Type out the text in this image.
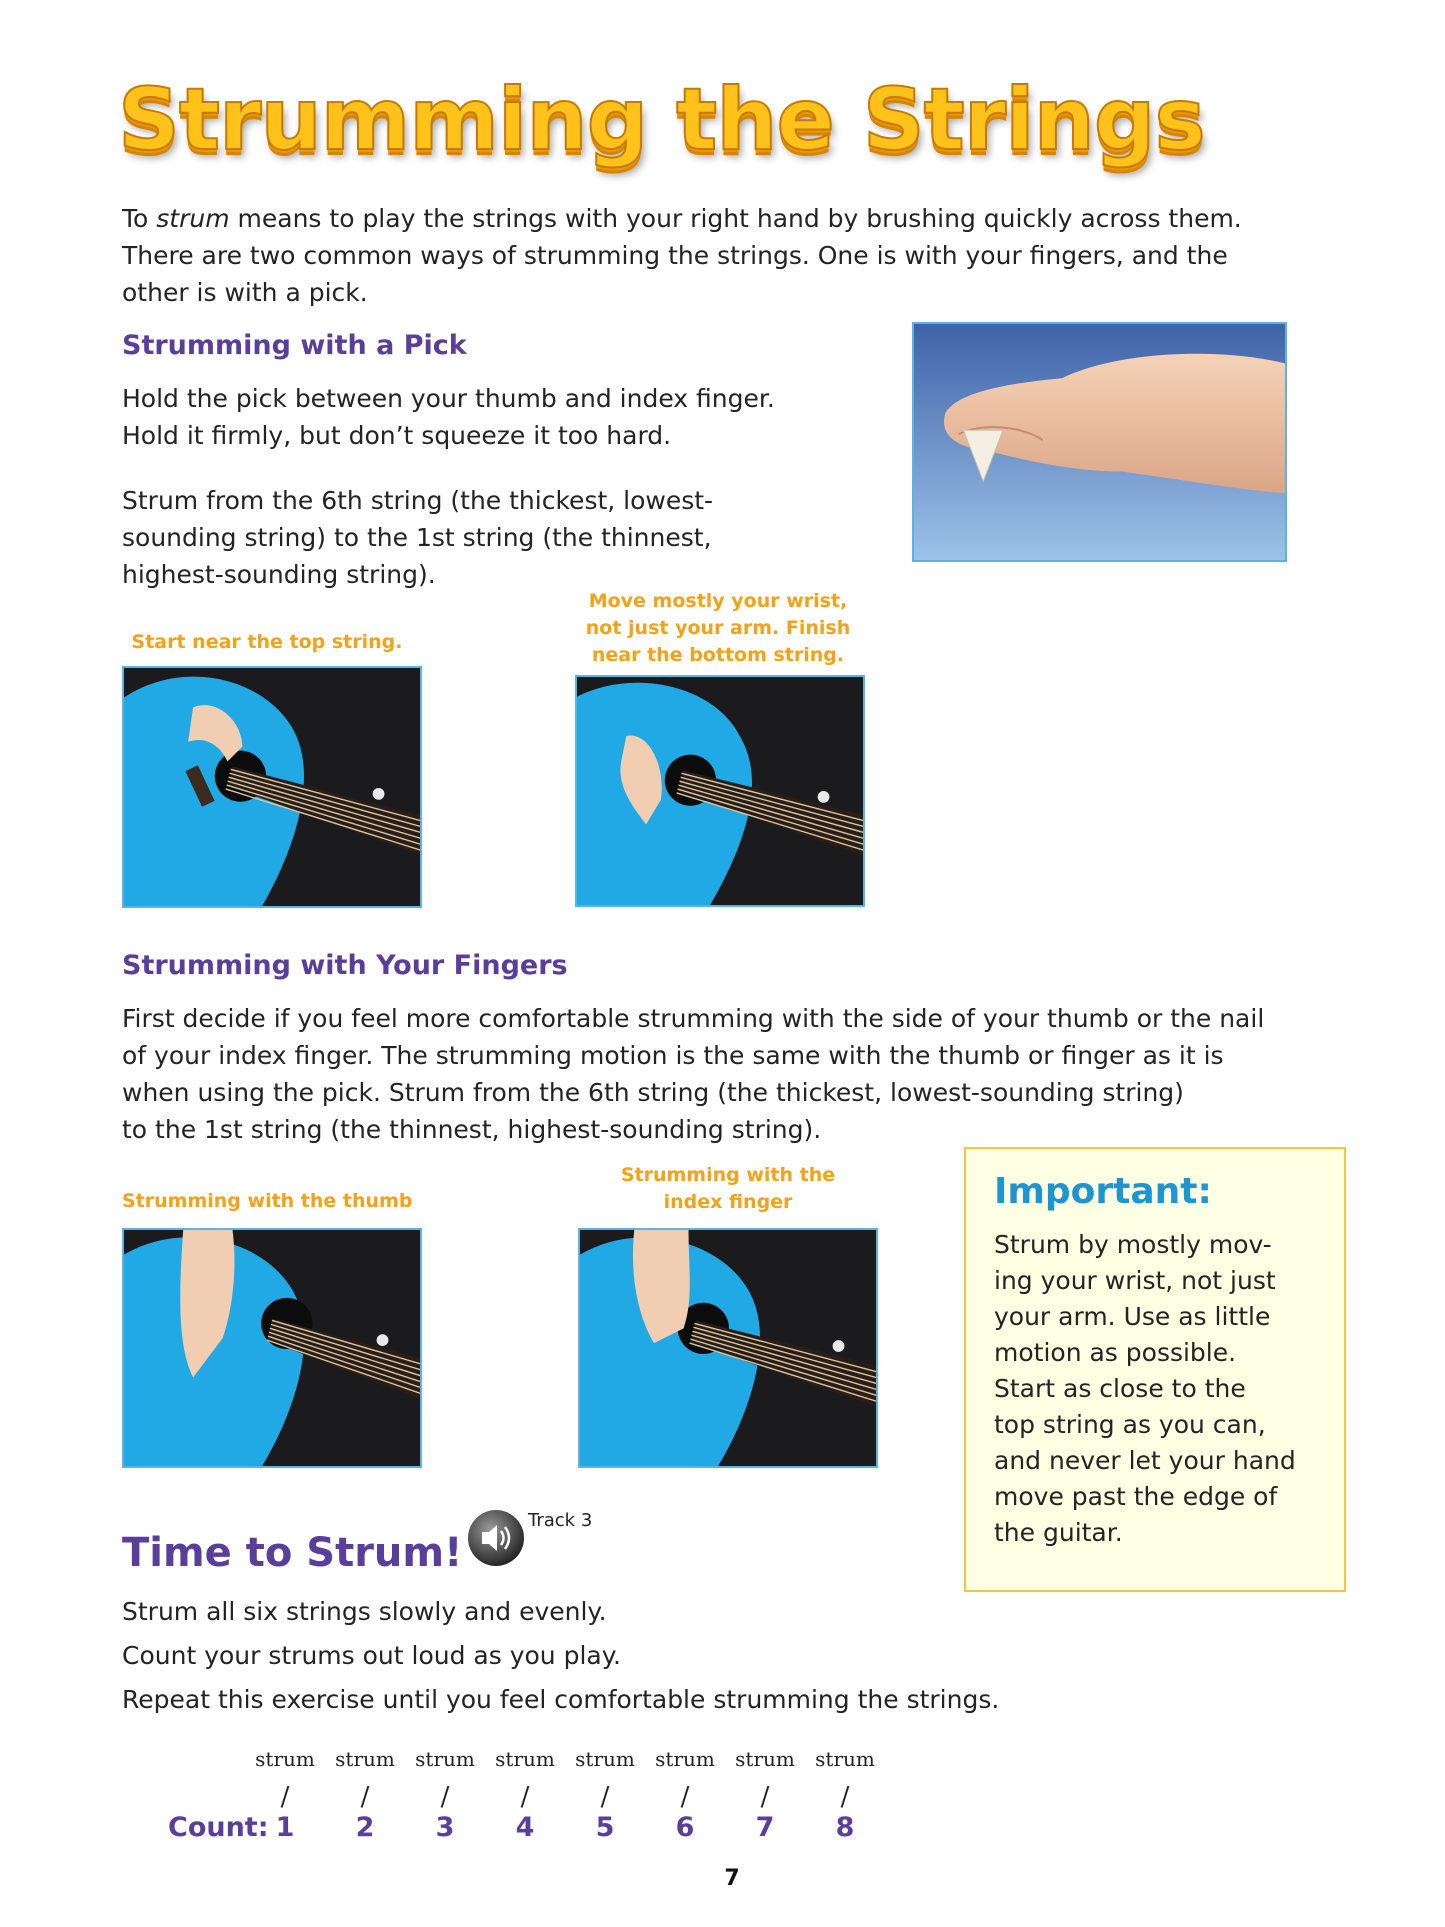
Strumming the Strings
To strum means to play the strings with your right hand by brushing quickly across them.
There are two common ways of strumming the strings. One is with your fingers, and the
other is with a pick.
Strumming with a Pick
Hold the pick between your thumb and index finger.
Hold it firmly, but don’t squeeze it too hard.
Strum from the 6th string (the thickest, lowest-
sounding string) to the 1st string (the thinnest,
highest-sounding string).
Start near the top string.
Move mostly your wrist,
not just your arm. Finish
near the bottom string.
Strumming with Your Fingers
First decide if you feel more comfortable strumming with the side of your thumb or the nail
of your index finger. The strumming motion is the same with the thumb or finger as it is
when using the pick. Strum from the 6th string (the thickest, lowest-sounding string)
to the 1st string (the thinnest, highest-sounding string).
Strumming with the thumb
Strumming with the
index finger	Important:
Strum by mostly mov-
ing your wrist, not just
your arm. Use as little
motion as possible.
Start as close to the
top string as you can,
and never let your hand
move past the edge of
the guitar.
Time to Strum!
Track 3
Strum all six strings slowly and evenly.
Count your strums out loud as you play.
Repeat this exercise until you feel comfortable strumming the strings.
strum	strum	strum	strum	strum	strum	strum	strum
/	/	/	/	/	/	/	/
Count: 1	2	3	4	5	6	7	8
7
